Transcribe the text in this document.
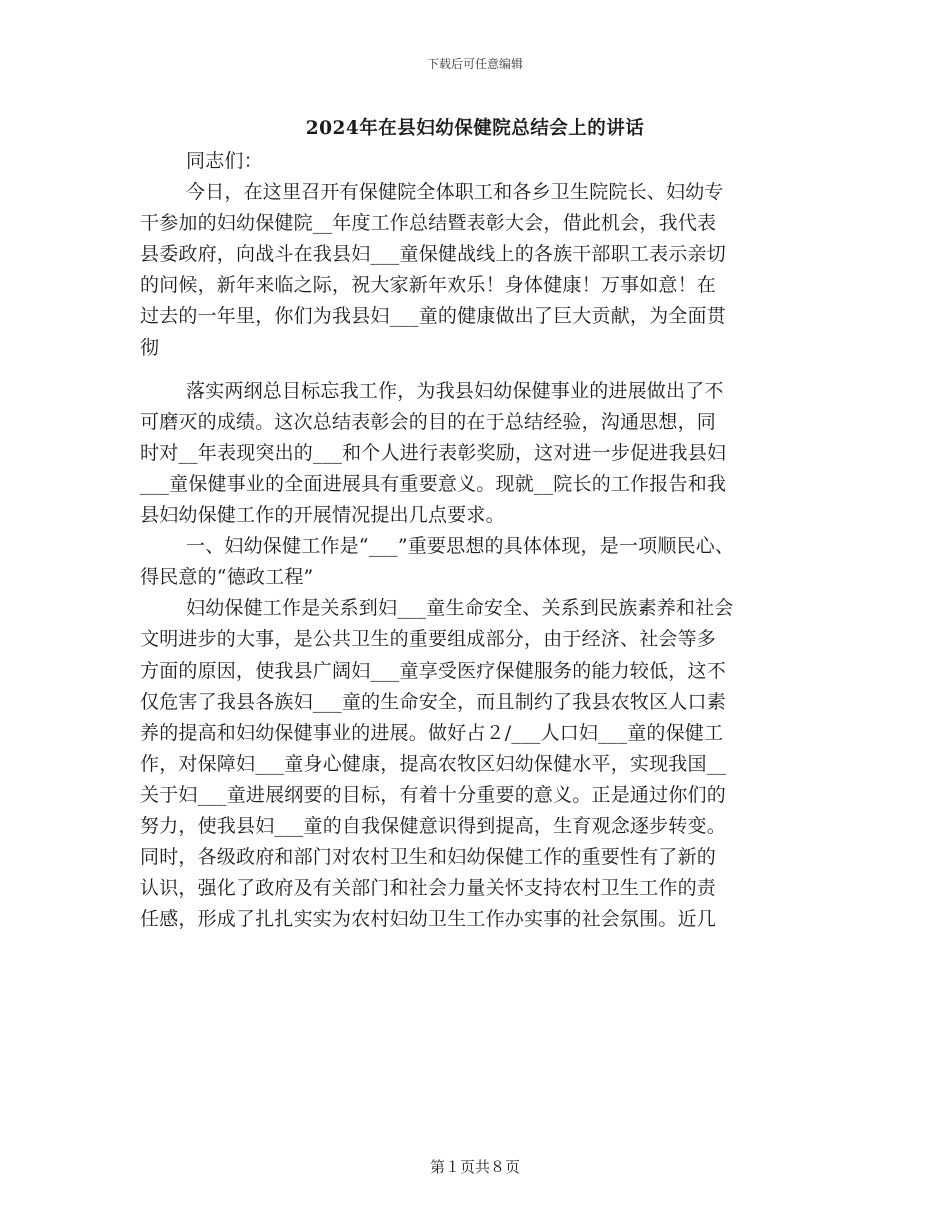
下载后可任意编辑
2024年在县妇幼保健院总结会上的讲话
同志们：
今日，在这里召开有保健院全体职工和各乡卫生院院长、妇幼专
干参加的妇幼保健院__年度工作总结暨表彰大会，借此机会，我代表
县委政府，向战斗在我县妇___童保健战线上的各族干部职工表示亲切
的问候，新年来临之际，祝大家新年欢乐！身体健康！万事如意！在
过去的一年里，你们为我县妇___童的健康做出了巨大贡献，为全面贯
彻
落实两纲总目标忘我工作，为我县妇幼保健事业的进展做出了不
可磨灭的成绩。这次总结表彰会的目的在于总结经验，沟通思想，同
时对__年表现突出的___和个人进行表彰奖励，这对进一步促进我县妇
___童保健事业的全面进展具有重要意义。现就__院长的工作报告和我
县妇幼保健工作的开展情况提出几点要求。
一、妇幼保健工作是“___”重要思想的具体体现，是一项顺民心、
得民意的“德政工程”
妇幼保健工作是关系到妇___童生命安全、关系到民族素养和社会
文明进步的大事，是公共卫生的重要组成部分，由于经济、社会等多
方面的原因，使我县广阔妇___童享受医疗保健服务的能力较低，这不
仅危害了我县各族妇___童的生命安全，而且制约了我县农牧区人口素
养的提高和妇幼保健事业的进展。做好占２/___人口妇___童的保健工
作，对保障妇___童身心健康，提高农牧区妇幼保健水平，实现我国__
关于妇___童进展纲要的目标，有着十分重要的意义。正是通过你们的
努力，使我县妇___童的自我保健意识得到提高，生育观念逐步转变。
同时，各级政府和部门对农村卫生和妇幼保健工作的重要性有了新的
认识，强化了政府及有关部门和社会力量关怀支持农村卫生工作的责
任感，形成了扎扎实实为农村妇幼卫生工作办实事的社会氛围。近几
第１页共８页
